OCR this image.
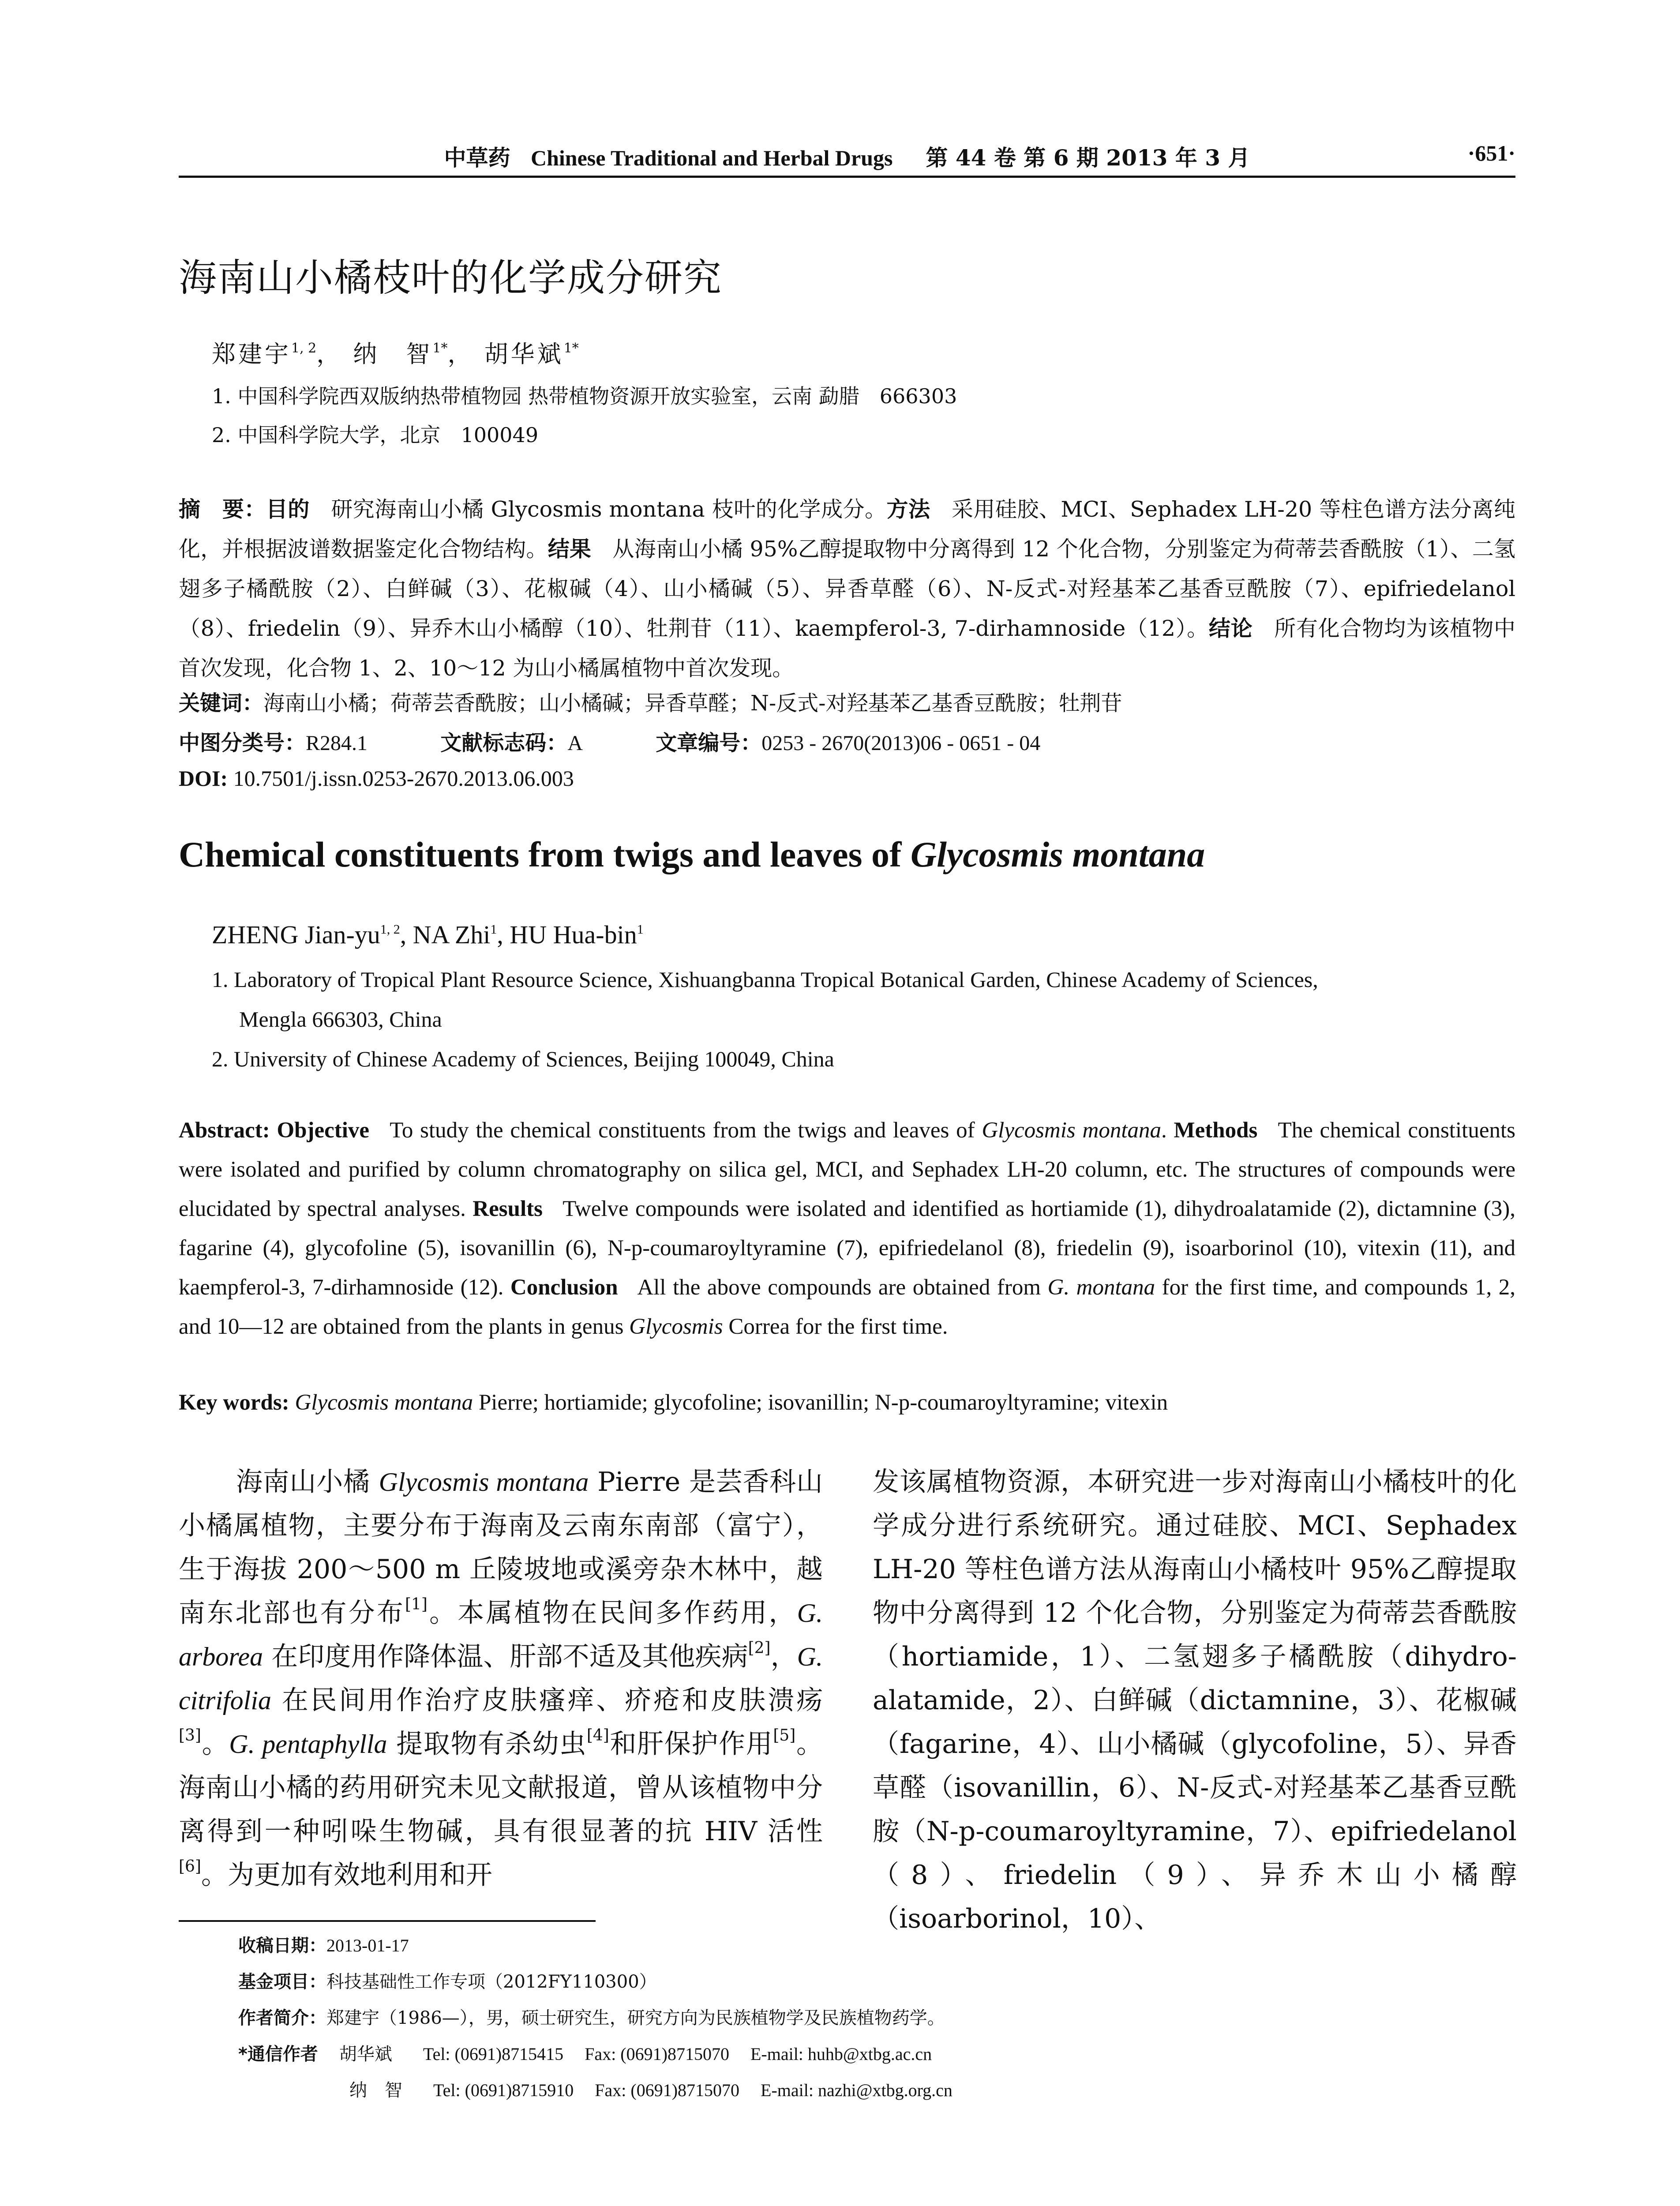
中草药 Chinese Traditional and Herbal Drugs 第 44 卷 第 6 期 2013 年 3 月	·651·
海南山小橘枝叶的化学成分研究
郑建宇$^{1, 2}$， 纳　智$^{1*}$， 胡华斌$^{1*}$
1. 中国科学院西双版纳热带植物园 热带植物资源开放实验室，云南 勐腊　666303
2. 中国科学院大学，北京　100049
摘　要：目的 研究海南山小橘 Glycosmis montana 枝叶的化学成分。方法 采用硅胶、MCI、Sephadex LH-20 等柱色谱方法分离纯化，并根据波谱数据鉴定化合物结构。结果 从海南山小橘 95%乙醇提取物中分离得到 12 个化合物，分别鉴定为荷蒂芸香酰胺（1）、二氢翅多子橘酰胺（2）、白鲜碱（3）、花椒碱（4）、山小橘碱（5）、异香草醛（6）、N-反式-对羟基苯乙基香豆酰胺（7）、epifriedelanol（8）、friedelin（9）、异乔木山小橘醇（10）、牡荆苷（11）、kaempferol-3, 7-dirhamnoside（12）。结论 所有化合物均为该植物中首次发现，化合物 1、2、10～12 为山小橘属植物中首次发现。
关键词：海南山小橘；荷蒂芸香酰胺；山小橘碱；异香草醛；N-反式-对羟基苯乙基香豆酰胺；牡荆苷
中图分类号：R284.1	文献标志码：A	文章编号：0253 - 2670(2013)06 - 0651 - 04
DOI: 10.7501/j.issn.0253-2670.2013.06.003
Chemical constituents from twigs and leaves of Glycosmis montana
ZHENG Jian-yu$^{1, 2}$, NA Zhi$^1$, HU Hua-bin$^1$
1. Laboratory of Tropical Plant Resource Science, Xishuangbanna Tropical Botanical Garden, Chinese Academy of Sciences,
Mengla 666303, China
2. University of Chinese Academy of Sciences, Beijing 100049, China
Abstract: Objective To study the chemical constituents from the twigs and leaves of Glycosmis montana. Methods The chemical constituents were isolated and purified by column chromatography on silica gel, MCI, and Sephadex LH-20 column, etc. The structures of compounds were elucidated by spectral analyses. Results Twelve compounds were isolated and identified as hortiamide (1), dihydroalatamide (2), dictamnine (3), fagarine (4), glycofoline (5), isovanillin (6), N-p-coumaroyltyramine (7), epifriedelanol (8), friedelin (9), isoarborinol (10), vitexin (11), and kaempferol-3, 7-dirhamnoside (12). Conclusion All the above compounds are obtained from G. montana for the first time, and compounds 1, 2, and 10—12 are obtained from the plants in genus Glycosmis Correa for the first time.
Key words: Glycosmis montana Pierre; hortiamide; glycofoline; isovanillin; N-p-coumaroyltyramine; vitexin

海南山小橘 Glycosmis montana Pierre 是芸香科山小橘属植物，主要分布于海南及云南东南部（富宁），生于海拔 200～500 m 丘陵坡地或溪旁杂木林中，越南东北部也有分布[1]。本属植物在民间多作药用，G. arborea 在印度用作降体温、肝部不适及其他疾病[2]，G. citrifolia 在民间用作治疗皮肤瘙痒、疥疮和皮肤溃疡[3]。G. pentaphylla 提取物有杀幼虫[4]和肝保护作用[5]。海南山小橘的药用研究未见文献报道，曾从该植物中分离得到一种吲哚生物碱，具有很显著的抗 HIV 活性[6]。为更加有效地利用和开

发该属植物资源，本研究进一步对海南山小橘枝叶的化学成分进行系统研究。通过硅胶、MCI、Sephadex LH-20 等柱色谱方法从海南山小橘枝叶 95%乙醇提取物中分离得到 12 个化合物，分别鉴定为荷蒂芸香酰胺（hortiamide，1）、二氢翅多子橘酰胺（dihydro-alatamide，2）、白鲜碱（dictamnine，3）、花椒碱（fagarine，4）、山小橘碱（glycofoline，5）、异香草醛（isovanillin，6）、N-反式-对羟基苯乙基香豆酰胺（N-p-coumaroyltyramine，7）、epifriedelanol（8）、friedelin（9）、异乔木山小橘醇（isoarborinol，10）、

收稿日期：2013-01-17
基金项目：科技基础性工作专项（2012FY110300）
作者简介：郑建宇（1986—），男，硕士研究生，研究方向为民族植物学及民族植物药学。
*通信作者 胡华斌 Tel: (0691)8715415 Fax: (0691)8715070 E-mail: huhb@xtbg.ac.cn
纳　智 Tel: (0691)8715910 Fax: (0691)8715070 E-mail: nazhi@xtbg.org.cn
